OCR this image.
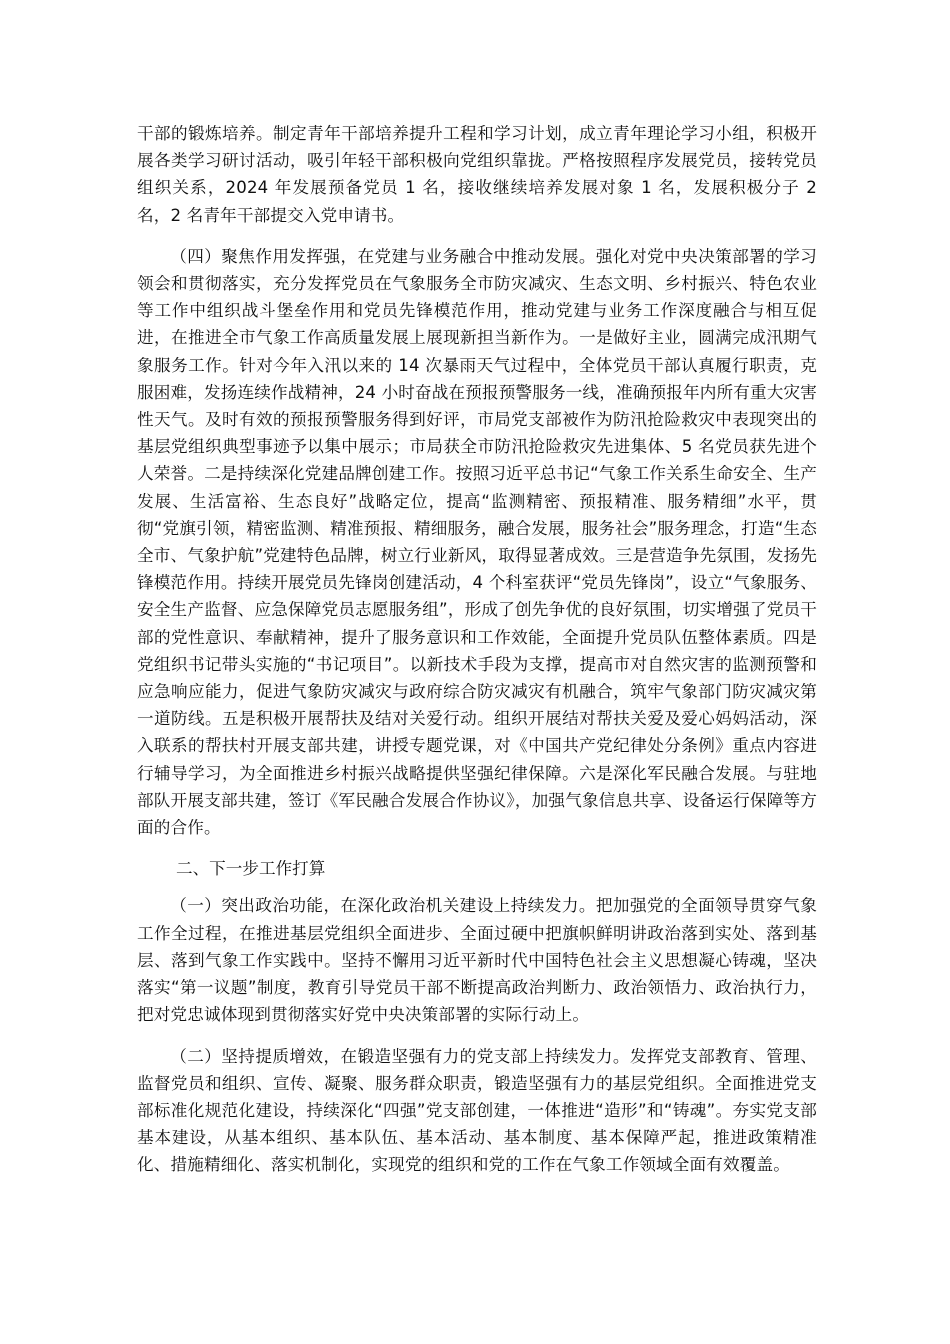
干部的锻炼培养。制定青年干部培养提升工程和学习计划，成立青年理论学习小组，积极开展各类学习研讨活动，吸引年轻干部积极向党组织靠拢。严格按照程序发展党员，接转党员组织关系，2024 年发展预备党员 1 名，接收继续培养发展对象 1 名，发展积极分子 2 名，2 名青年干部提交入党申请书。

（四）聚焦作用发挥强，在党建与业务融合中推动发展。强化对党中央决策部署的学习领会和贯彻落实，充分发挥党员在气象服务全市防灾减灾、生态文明、乡村振兴、特色农业等工作中组织战斗堡垒作用和党员先锋模范作用，推动党建与业务工作深度融合与相互促进，在推进全市气象工作高质量发展上展现新担当新作为。一是做好主业，圆满完成汛期气象服务工作。针对今年入汛以来的 14 次暴雨天气过程中，全体党员干部认真履行职责，克服困难，发扬连续作战精神，24 小时奋战在预报预警服务一线，准确预报年内所有重大灾害性天气。及时有效的预报预警服务得到好评，市局党支部被作为防汛抢险救灾中表现突出的基层党组织典型事迹予以集中展示；市局获全市防汛抢险救灾先进集体、5 名党员获先进个人荣誉。二是持续深化党建品牌创建工作。按照习近平总书记“气象工作关系生命安全、生产发展、生活富裕、生态良好”战略定位，提高“监测精密、预报精准、服务精细”水平，贯彻“党旗引领，精密监测、精准预报、精细服务，融合发展，服务社会”服务理念，打造“生态全市、气象护航”党建特色品牌，树立行业新风，取得显著成效。三是营造争先氛围，发扬先锋模范作用。持续开展党员先锋岗创建活动，4 个科室获评“党员先锋岗”，设立“气象服务、安全生产监督、应急保障党员志愿服务组”，形成了创先争优的良好氛围，切实增强了党员干部的党性意识、奉献精神，提升了服务意识和工作效能，全面提升党员队伍整体素质。四是党组织书记带头实施的“书记项目”。以新技术手段为支撑，提高市对自然灾害的监测预警和应急响应能力，促进气象防灾减灾与政府综合防灾减灾有机融合，筑牢气象部门防灾减灾第一道防线。五是积极开展帮扶及结对关爱行动。组织开展结对帮扶关爱及爱心妈妈活动，深入联系的帮扶村开展支部共建，讲授专题党课，对《中国共产党纪律处分条例》重点内容进行辅导学习，为全面推进乡村振兴战略提供坚强纪律保障。六是深化军民融合发展。与驻地部队开展支部共建，签订《军民融合发展合作协议》，加强气象信息共享、设备运行保障等方面的合作。

二、下一步工作打算

（一）突出政治功能，在深化政治机关建设上持续发力。把加强党的全面领导贯穿气象工作全过程，在推进基层党组织全面进步、全面过硬中把旗帜鲜明讲政治落到实处、落到基层、落到气象工作实践中。坚持不懈用习近平新时代中国特色社会主义思想凝心铸魂，坚决落实“第一议题”制度，教育引导党员干部不断提高政治判断力、政治领悟力、政治执行力，把对党忠诚体现到贯彻落实好党中央决策部署的实际行动上。

（二）坚持提质增效，在锻造坚强有力的党支部上持续发力。发挥党支部教育、管理、监督党员和组织、宣传、凝聚、服务群众职责，锻造坚强有力的基层党组织。全面推进党支部标准化规范化建设，持续深化“四强”党支部创建，一体推进“造形”和“铸魂”。夯实党支部基本建设，从基本组织、基本队伍、基本活动、基本制度、基本保障严起，推进政策精准化、措施精细化、落实机制化，实现党的组织和党的工作在气象工作领域全面有效覆盖。
